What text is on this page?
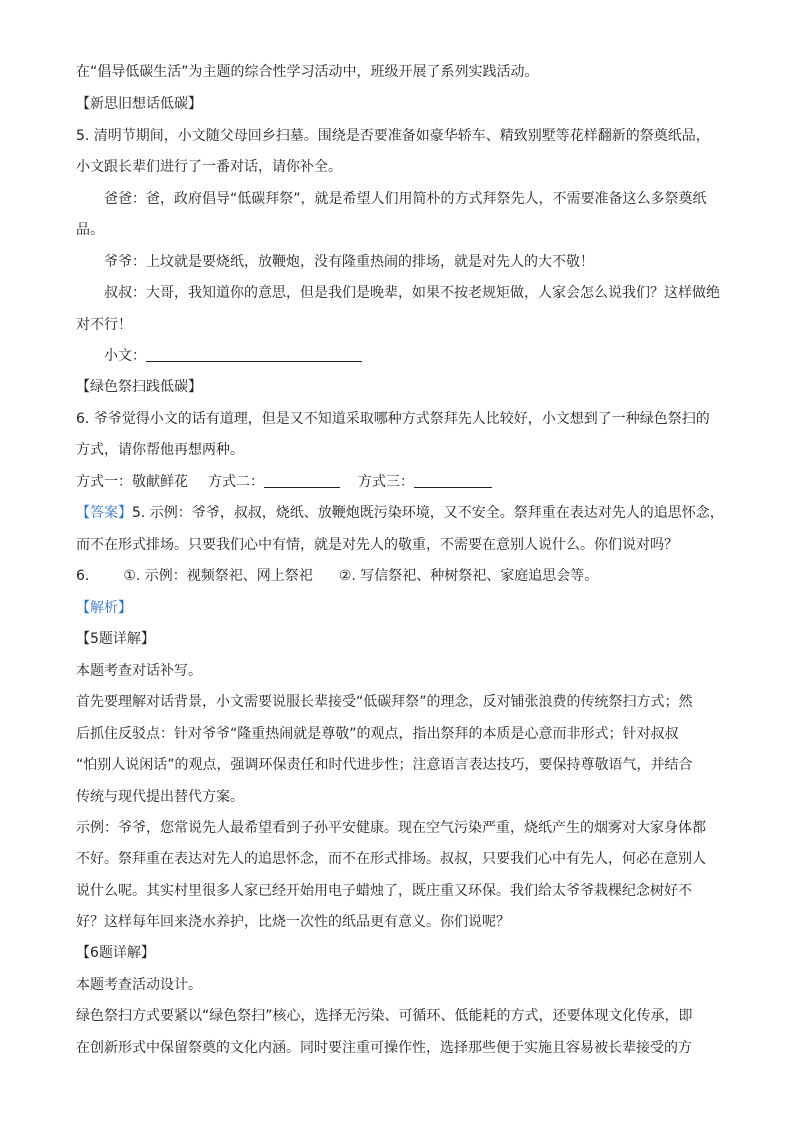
在“倡导低碳生活”为主题的综合性学习活动中，班级开展了系列实践活动。
【新思旧想话低碳】
5. 清明节期间，小文随父母回乡扫墓。围绕是否要准备如豪华轿车、精致别墅等花样翻新的祭奠纸品，
小文跟长辈们进行了一番对话，请你补全。
爸爸：爸，政府倡导“低碳拜祭”，就是希望人们用简朴的方式拜祭先人，不需要准备这么多祭奠纸
品。
爷爷：上坟就是要烧纸，放鞭炮，没有隆重热闹的排场，就是对先人的大不敬！
叔叔：大哥，我知道你的意思，但是我们是晚辈，如果不按老规矩做，人家会怎么说我们？这样做绝
对不行！
小文：
【绿色祭扫践低碳】
6. 爷爷觉得小文的话有道理，但是又不知道采取哪种方式祭拜先人比较好，小文想到了一种绿色祭扫的
方式，请你帮他再想两种。
方式一：敬献鲜花 方式二：	方式三：
【答案】5. 示例：爷爷，叔叔，烧纸、放鞭炮既污染环境，又不安全。祭拜重在表达对先人的追思怀念，
而不在形式排场。只要我们心中有情，就是对先人的敬重，不需要在意别人说什么。你们说对吗？
6. ①. 示例：视频祭祀、网上祭祀 ②. 写信祭祀、种树祭祀、家庭追思会等。
【解析】
【5题详解】
本题考查对话补写。
首先要理解对话背景，小文需要说服长辈接受“低碳拜祭”的理念，反对铺张浪费的传统祭扫方式；然
后抓住反驳点：针对爷爷“隆重热闹就是尊敬”的观点，指出祭拜的本质是心意而非形式；针对叔叔
“怕别人说闲话”的观点，强调环保责任和时代进步性；注意语言表达技巧，要保持尊敬语气，并结合
传统与现代提出替代方案。
示例：爷爷，您常说先人最希望看到子孙平安健康。现在空气污染严重，烧纸产生的烟雾对大家身体都
不好。祭拜重在表达对先人的追思怀念，而不在形式排场。叔叔，只要我们心中有先人，何必在意别人
说什么呢。其实村里很多人家已经开始用电子蜡烛了，既庄重又环保。我们给太爷爷栽棵纪念树好不
好？这样每年回来浇水养护，比烧一次性的纸品更有意义。你们说呢？
【6题详解】
本题考查活动设计。
绿色祭扫方式要紧以“绿色祭扫”核心，选择无污染、可循环、低能耗的方式，还要体现文化传承，即
在创新形式中保留祭奠的文化内涵。同时要注重可操作性，选择那些便于实施且容易被长辈接受的方
